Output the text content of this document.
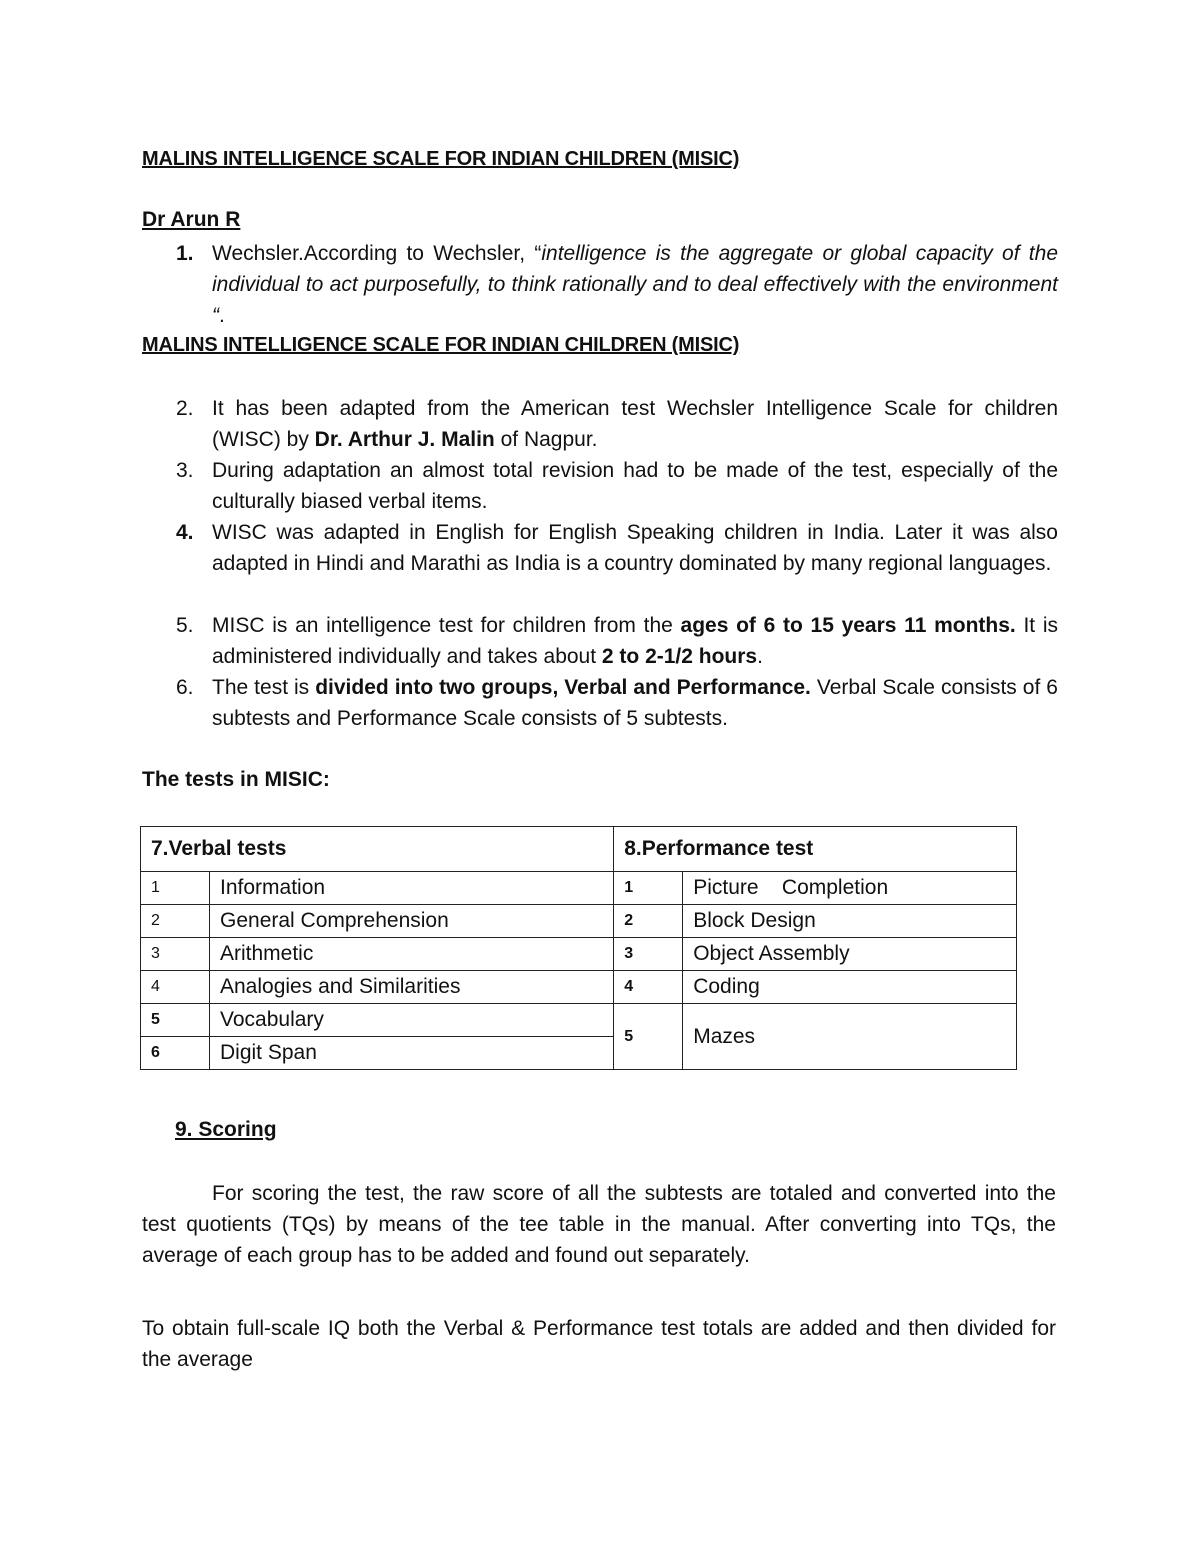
MALINS INTELLIGENCE SCALE FOR INDIAN CHILDREN (MISIC)
Dr Arun R
1. Wechsler.According to Wechsler, “intelligence is the aggregate or global capacity of the individual to act purposefully, to think rationally and to deal effectively with the environment “.
MALINS INTELLIGENCE SCALE FOR INDIAN CHILDREN (MISIC)
2. It has been adapted from the American test Wechsler Intelligence Scale for children (WISC) by Dr. Arthur J. Malin of Nagpur.
3. During adaptation an almost total revision had to be made of the test, especially of the culturally biased verbal items.
4. WISC was adapted in English for English Speaking children in India. Later it was also adapted in Hindi and Marathi as India is a country dominated by many regional languages.
5. MISC is an intelligence test for children from the ages of 6 to 15 years 11 months. It is administered individually and takes about 2 to 2-1/2 hours.
6. The test is divided into two groups, Verbal and Performance. Verbal Scale consists of 6 subtests and Performance Scale consists of 5 subtests.
The tests in MISIC:
7.Verbal tests		8.Performance test	
1	Information	1	Picture    Completion
2	General Comprehension	2	Block Design
3	Arithmetic	3	Object Assembly
4	Analogies and Similarities	4	Coding
5	Vocabulary	5	Mazes
6	Digit Span		
9. Scoring
For scoring the test, the raw score of all the subtests are totaled and converted into the test quotients (TQs) by means of the tee table in the manual. After converting into TQs, the average of each group has to be added and found out separately.
To obtain full-scale IQ both the Verbal & Performance test totals are added and then divided for the average
